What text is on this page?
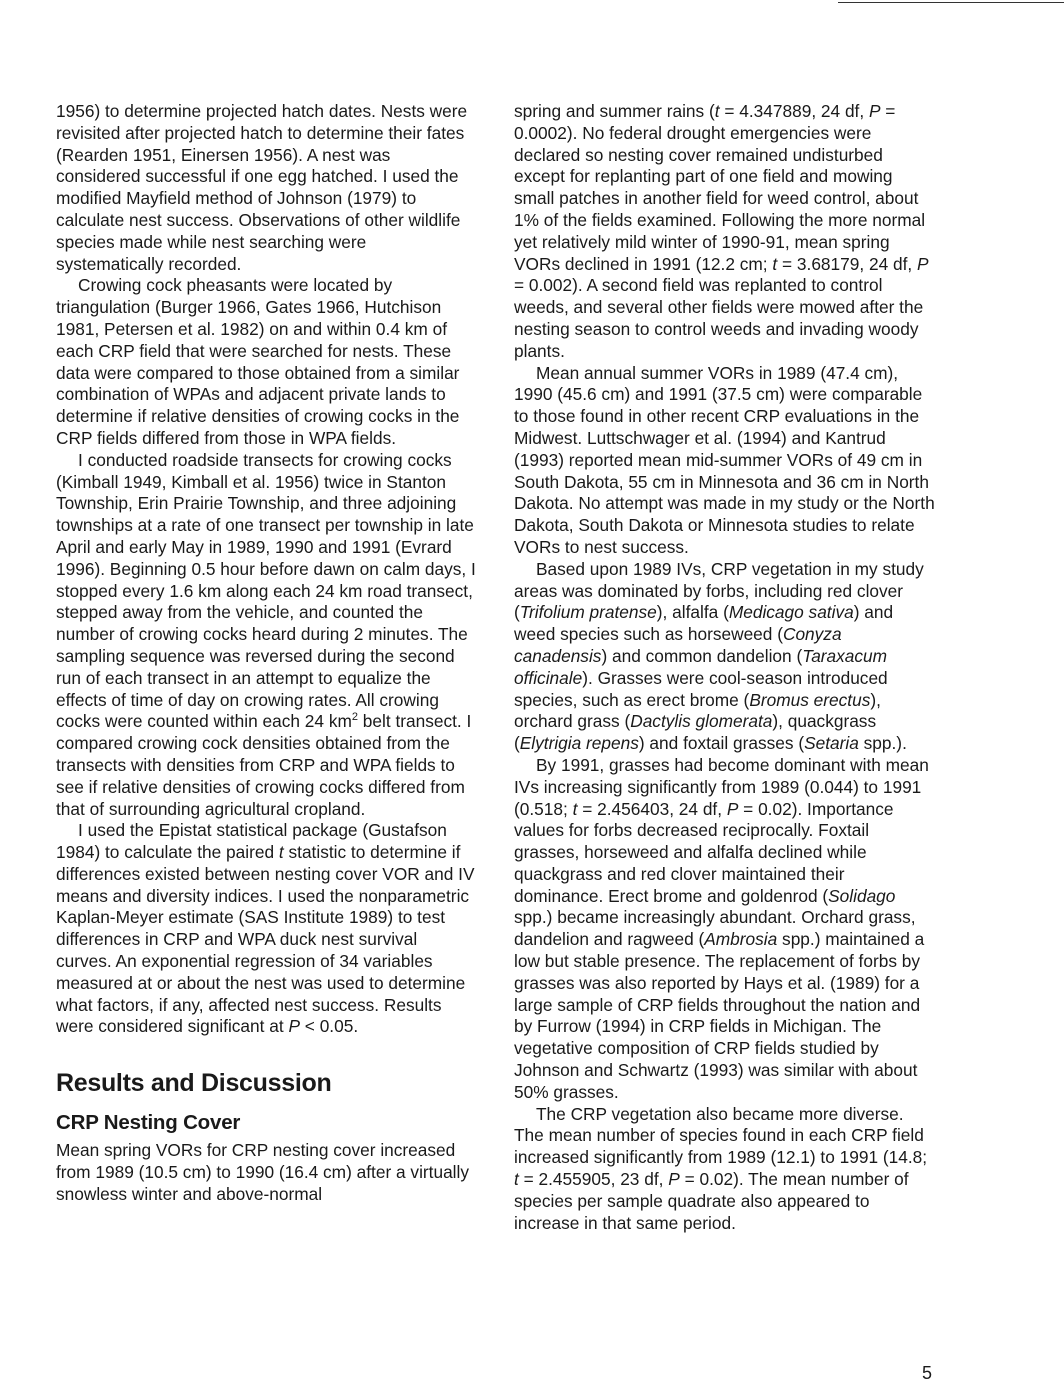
1956) to determine projected hatch dates. Nests were revisited after projected hatch to determine their fates (Rearden 1951, Einersen 1956). A nest was considered successful if one egg hatched. I used the modified Mayfield method of Johnson (1979) to calculate nest success. Observations of other wildlife species made while nest searching were systematically recorded.

Crowing cock pheasants were located by triangulation (Burger 1966, Gates 1966, Hutchison 1981, Petersen et al. 1982) on and within 0.4 km of each CRP field that were searched for nests. These data were compared to those obtained from a similar combination of WPAs and adjacent private lands to determine if relative densities of crowing cocks in the CRP fields differed from those in WPA fields.

I conducted roadside transects for crowing cocks (Kimball 1949, Kimball et al. 1956) twice in Stanton Township, Erin Prairie Township, and three adjoining townships at a rate of one transect per township in late April and early May in 1989, 1990 and 1991 (Evrard 1996). Beginning 0.5 hour before dawn on calm days, I stopped every 1.6 km along each 24 km road transect, stepped away from the vehicle, and counted the number of crowing cocks heard during 2 minutes. The sampling sequence was reversed during the second run of each transect in an attempt to equalize the effects of time of day on crowing rates. All crowing cocks were counted within each 24 $km^2$ belt transect. I compared crowing cock densities obtained from the transects with densities from CRP and WPA fields to see if relative densities of crowing cocks differed from that of surrounding agricultural cropland.

I used the Epistat statistical package (Gustafson 1984) to calculate the paired t statistic to determine if differences existed between nesting cover VOR and IV means and diversity indices. I used the nonparametric Kaplan-Meyer estimate (SAS Institute 1989) to test differences in CRP and WPA duck nest survival curves. An exponential regression of 34 variables measured at or about the nest was used to determine what factors, if any, affected nest success. Results were considered significant at P < 0.05.

Results and Discussion
CRP Nesting Cover

Mean spring VORs for CRP nesting cover increased from 1989 (10.5 cm) to 1990 (16.4 cm) after a virtually snowless winter and above-normal

spring and summer rains (t = 4.347889, 24 df, P = 0.0002). No federal drought emergencies were declared so nesting cover remained undisturbed except for replanting part of one field and mowing small patches in another field for weed control, about 1% of the fields examined. Following the more normal yet relatively mild winter of 1990-91, mean spring VORs declined in 1991 (12.2 cm; t = 3.68179, 24 df, P = 0.002). A second field was replanted to control weeds, and several other fields were mowed after the nesting season to control weeds and invading woody plants.

Mean annual summer VORs in 1989 (47.4 cm), 1990 (45.6 cm) and 1991 (37.5 cm) were comparable to those found in other recent CRP evaluations in the Midwest. Luttschwager et al. (1994) and Kantrud (1993) reported mean mid-summer VORs of 49 cm in South Dakota, 55 cm in Minnesota and 36 cm in North Dakota. No attempt was made in my study or the North Dakota, South Dakota or Minnesota studies to relate VORs to nest success.

Based upon 1989 IVs, CRP vegetation in my study areas was dominated by forbs, including red clover (Trifolium pratense), alfalfa (Medicago sativa) and weed species such as horseweed (Conyza canadensis) and common dandelion (Taraxacum officinale). Grasses were cool-season introduced species, such as erect brome (Bromus erectus), orchard grass (Dactylis glomerata), quackgrass (Elytrigia repens) and foxtail grasses (Setaria spp.).

By 1991, grasses had become dominant with mean IVs increasing significantly from 1989 (0.044) to 1991 (0.518; t = 2.456403, 24 df, P = 0.02). Importance values for forbs decreased reciprocally. Foxtail grasses, horseweed and alfalfa declined while quackgrass and red clover maintained their dominance. Erect brome and goldenrod (Solidago spp.) became increasingly abundant. Orchard grass, dandelion and ragweed (Ambrosia spp.) maintained a low but stable presence. The replacement of forbs by grasses was also reported by Hays et al. (1989) for a large sample of CRP fields throughout the nation and by Furrow (1994) in CRP fields in Michigan. The vegetative composition of CRP fields studied by Johnson and Schwartz (1993) was similar with about 50% grasses.

The CRP vegetation also became more diverse. The mean number of species found in each CRP field increased significantly from 1989 (12.1) to 1991 (14.8; t = 2.455905, 23 df, P = 0.02). The mean number of species per sample quadrate also appeared to increase in that same period.

5
